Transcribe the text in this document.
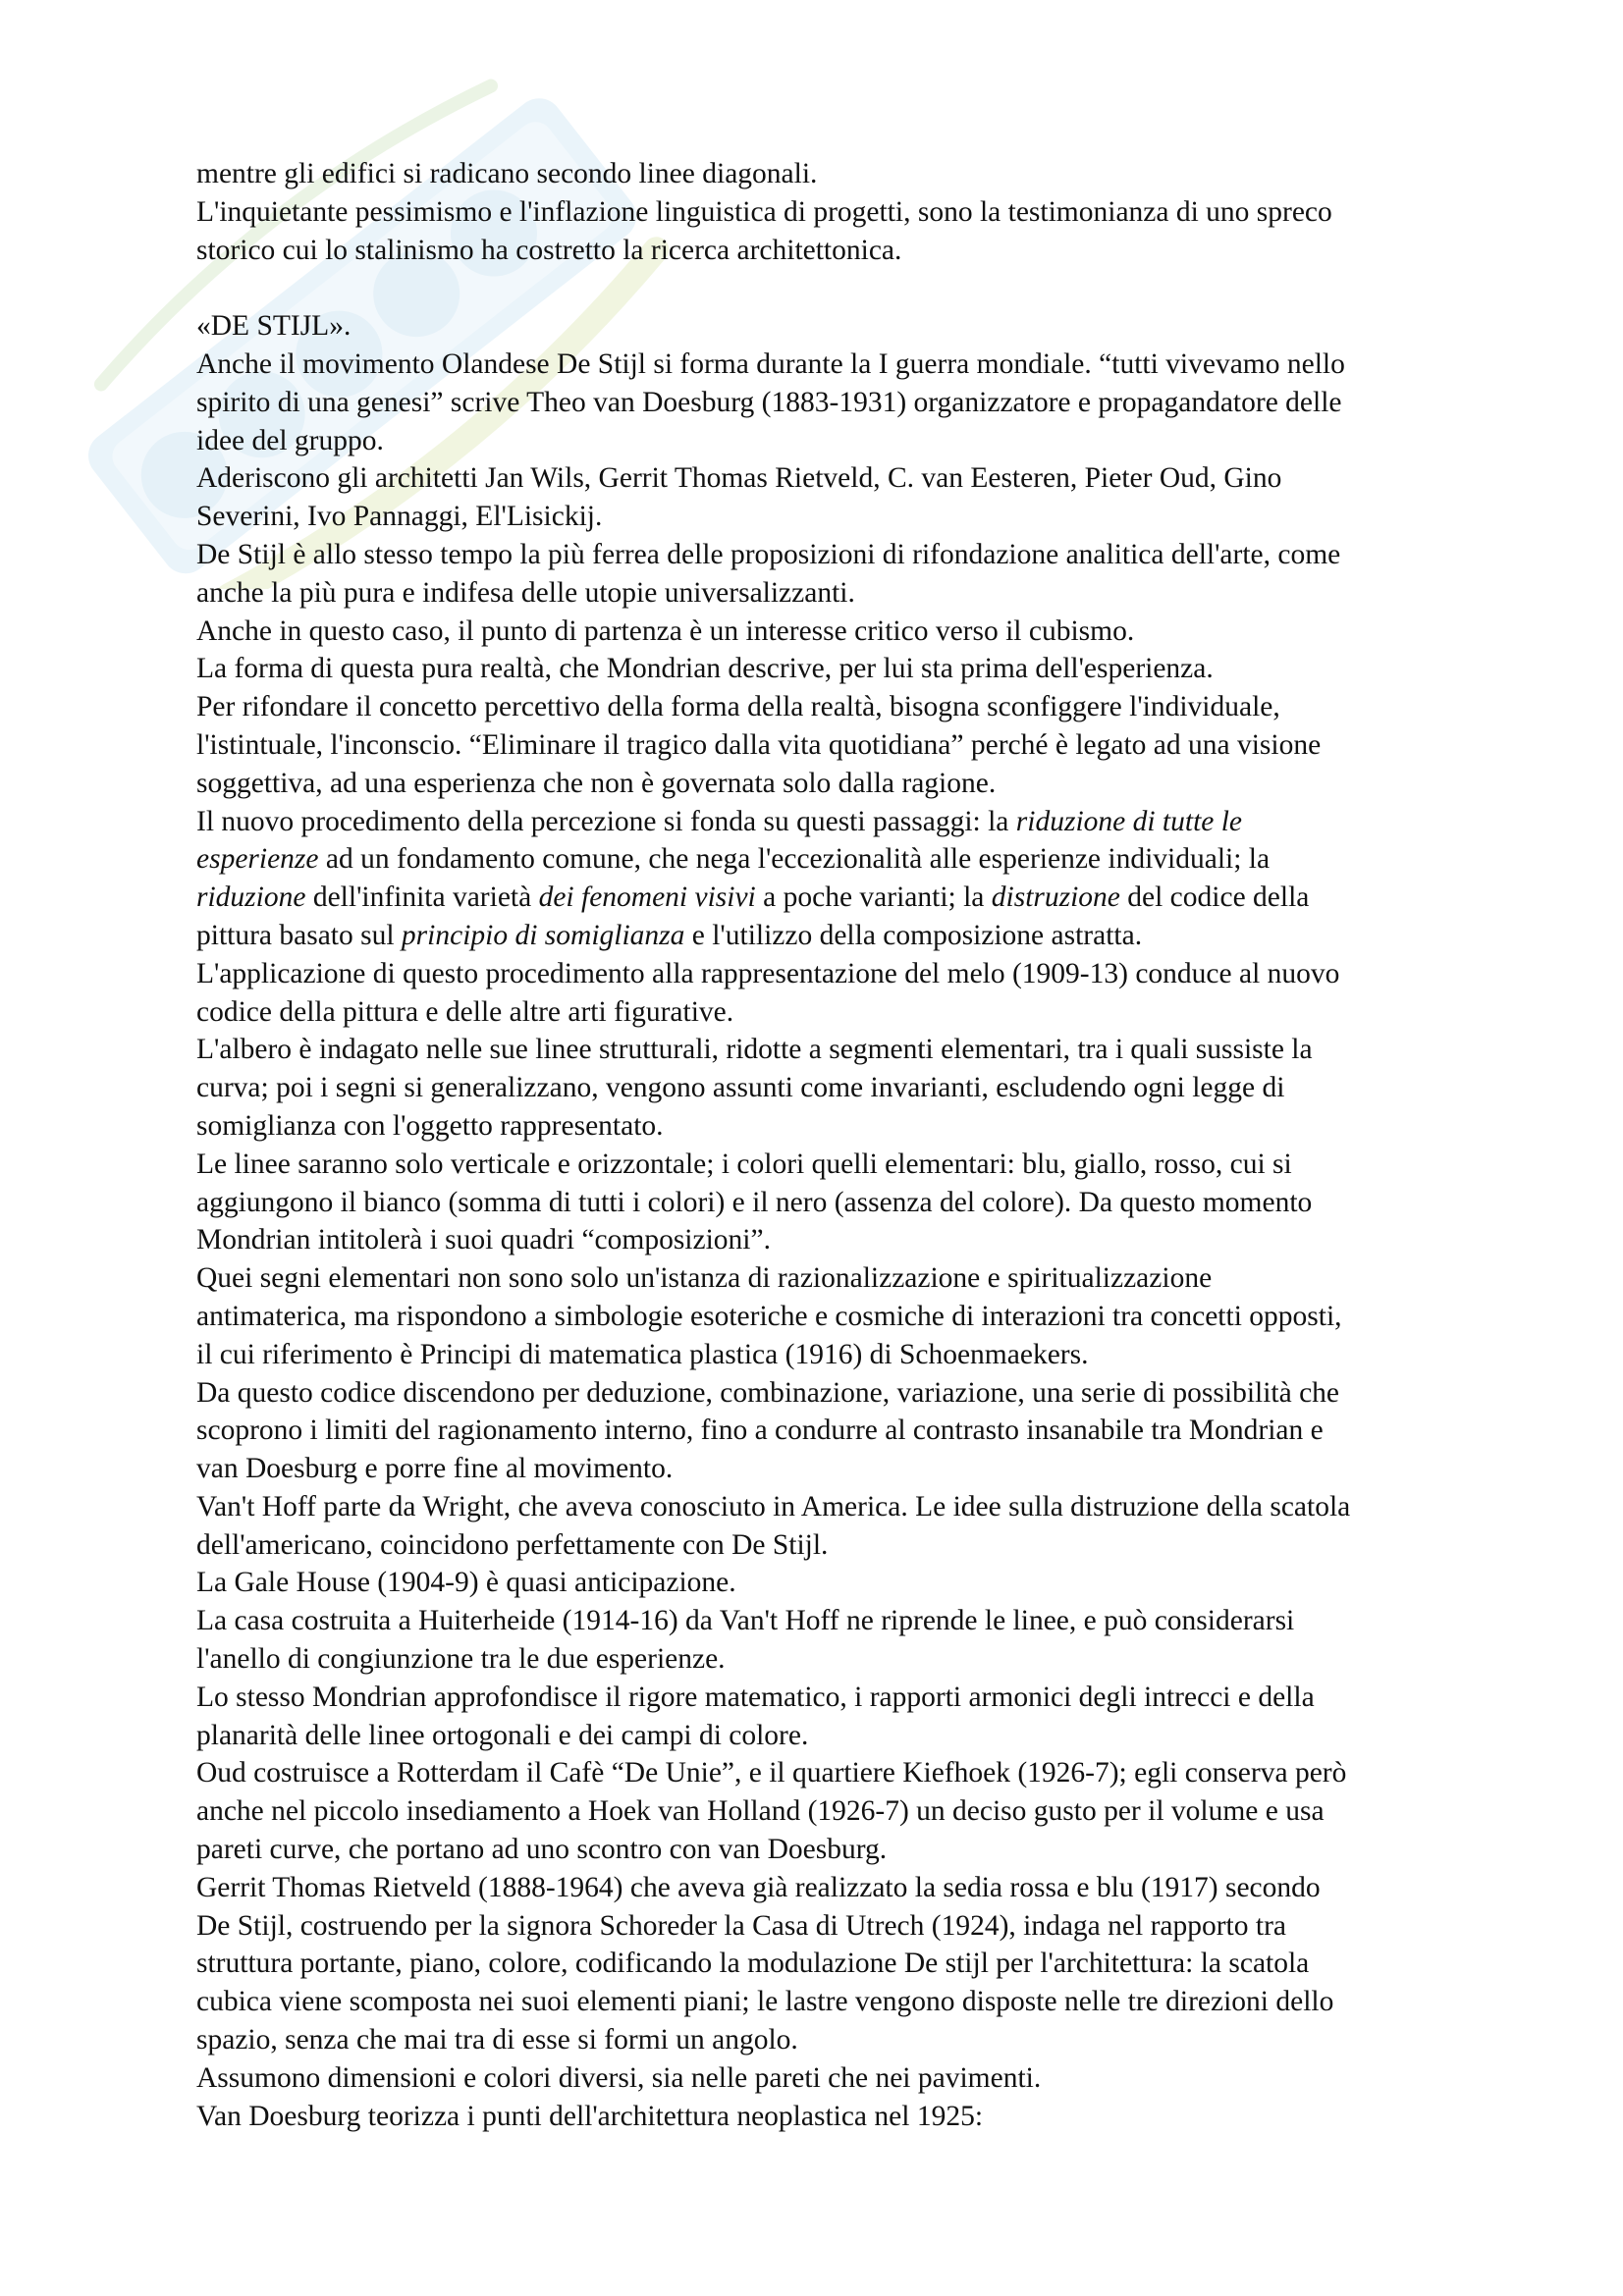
mentre gli edifici si radicano secondo linee diagonali.

L'inquietante pessimismo e l'inflazione linguistica di progetti, sono la testimonianza di uno spreco

storico cui lo stalinismo ha costretto la ricerca architettonica.

«DE STIJL».

Anche il movimento Olandese De Stijl si forma durante la I guerra mondiale. “tutti vivevamo nello

spirito di una genesi” scrive Theo van Doesburg (1883-1931) organizzatore e propagandatore delle

idee del gruppo.

Aderiscono gli architetti Jan Wils, Gerrit Thomas Rietveld, C. van Eesteren, Pieter Oud, Gino

Severini, Ivo Pannaggi, El'Lisickij.

De Stijl è allo stesso tempo la più ferrea delle proposizioni di rifondazione analitica dell'arte, come

anche la più pura e indifesa delle utopie universalizzanti.

Anche in questo caso, il punto di partenza è un interesse critico verso il cubismo.

La forma di questa pura realtà, che Mondrian descrive, per lui sta prima dell'esperienza.

Per rifondare il concetto percettivo della forma della realtà, bisogna sconfiggere l'individuale,

l'istintuale, l'inconscio. “Eliminare il tragico dalla vita quotidiana” perché è legato ad una visione

soggettiva, ad una esperienza che non è governata solo dalla ragione.

Il nuovo procedimento della percezione si fonda su questi passaggi: la riduzione di tutte le

esperienze ad un fondamento comune, che nega l'eccezionalità alle esperienze individuali; la

riduzione dell'infinita varietà dei fenomeni visivi a poche varianti; la distruzione del codice della

pittura basato sul principio di somiglianza e l'utilizzo della composizione astratta.

L'applicazione di questo procedimento alla rappresentazione del melo (1909-13) conduce al nuovo

codice della pittura e delle altre arti figurative.

L'albero è indagato nelle sue linee strutturali, ridotte a segmenti elementari, tra i quali sussiste la

curva; poi i segni si generalizzano, vengono assunti come invarianti, escludendo ogni legge di

somiglianza con l'oggetto rappresentato.

Le linee saranno solo verticale e orizzontale; i colori quelli elementari: blu, giallo, rosso, cui si

aggiungono il bianco (somma di tutti i colori) e il nero (assenza del colore). Da questo momento

Mondrian intitolerà i suoi quadri “composizioni”.

Quei segni elementari non sono solo un'istanza di razionalizzazione e spiritualizzazione

antimaterica, ma rispondono a simbologie esoteriche e cosmiche di interazioni tra concetti opposti,

il cui riferimento è Principi di matematica plastica (1916) di Schoenmaekers.

Da questo codice discendono per deduzione, combinazione, variazione, una serie di possibilità che

scoprono i limiti del ragionamento interno, fino a condurre al contrasto insanabile tra Mondrian e

van Doesburg e porre fine al movimento.

Van't Hoff parte da Wright, che aveva conosciuto in America. Le idee sulla distruzione della scatola

dell'americano, coincidono perfettamente con De Stijl.

La Gale House (1904-9) è quasi anticipazione.

La casa costruita a Huiterheide (1914-16) da Van't Hoff ne riprende le linee, e può considerarsi

l'anello di congiunzione tra le due esperienze.

Lo stesso Mondrian approfondisce il rigore matematico, i rapporti armonici degli intrecci e della

planarità delle linee ortogonali e dei campi di colore.

Oud costruisce a Rotterdam il Cafè “De Unie”, e il quartiere Kiefhoek (1926-7); egli conserva però

anche nel piccolo insediamento a Hoek van Holland (1926-7) un deciso gusto per il volume e usa

pareti curve, che portano ad uno scontro con van Doesburg.

Gerrit Thomas Rietveld (1888-1964) che aveva già realizzato la sedia rossa e blu (1917) secondo

De Stijl, costruendo per la signora Schoreder la Casa di Utrech (1924), indaga nel rapporto tra

struttura portante, piano, colore, codificando la modulazione De stijl per l'architettura: la scatola

cubica viene scomposta nei suoi elementi piani; le lastre vengono disposte nelle tre direzioni dello

spazio, senza che mai tra di esse si formi un angolo.

Assumono dimensioni e colori diversi, sia nelle pareti che nei pavimenti.

Van Doesburg teorizza i punti dell'architettura neoplastica nel 1925:
